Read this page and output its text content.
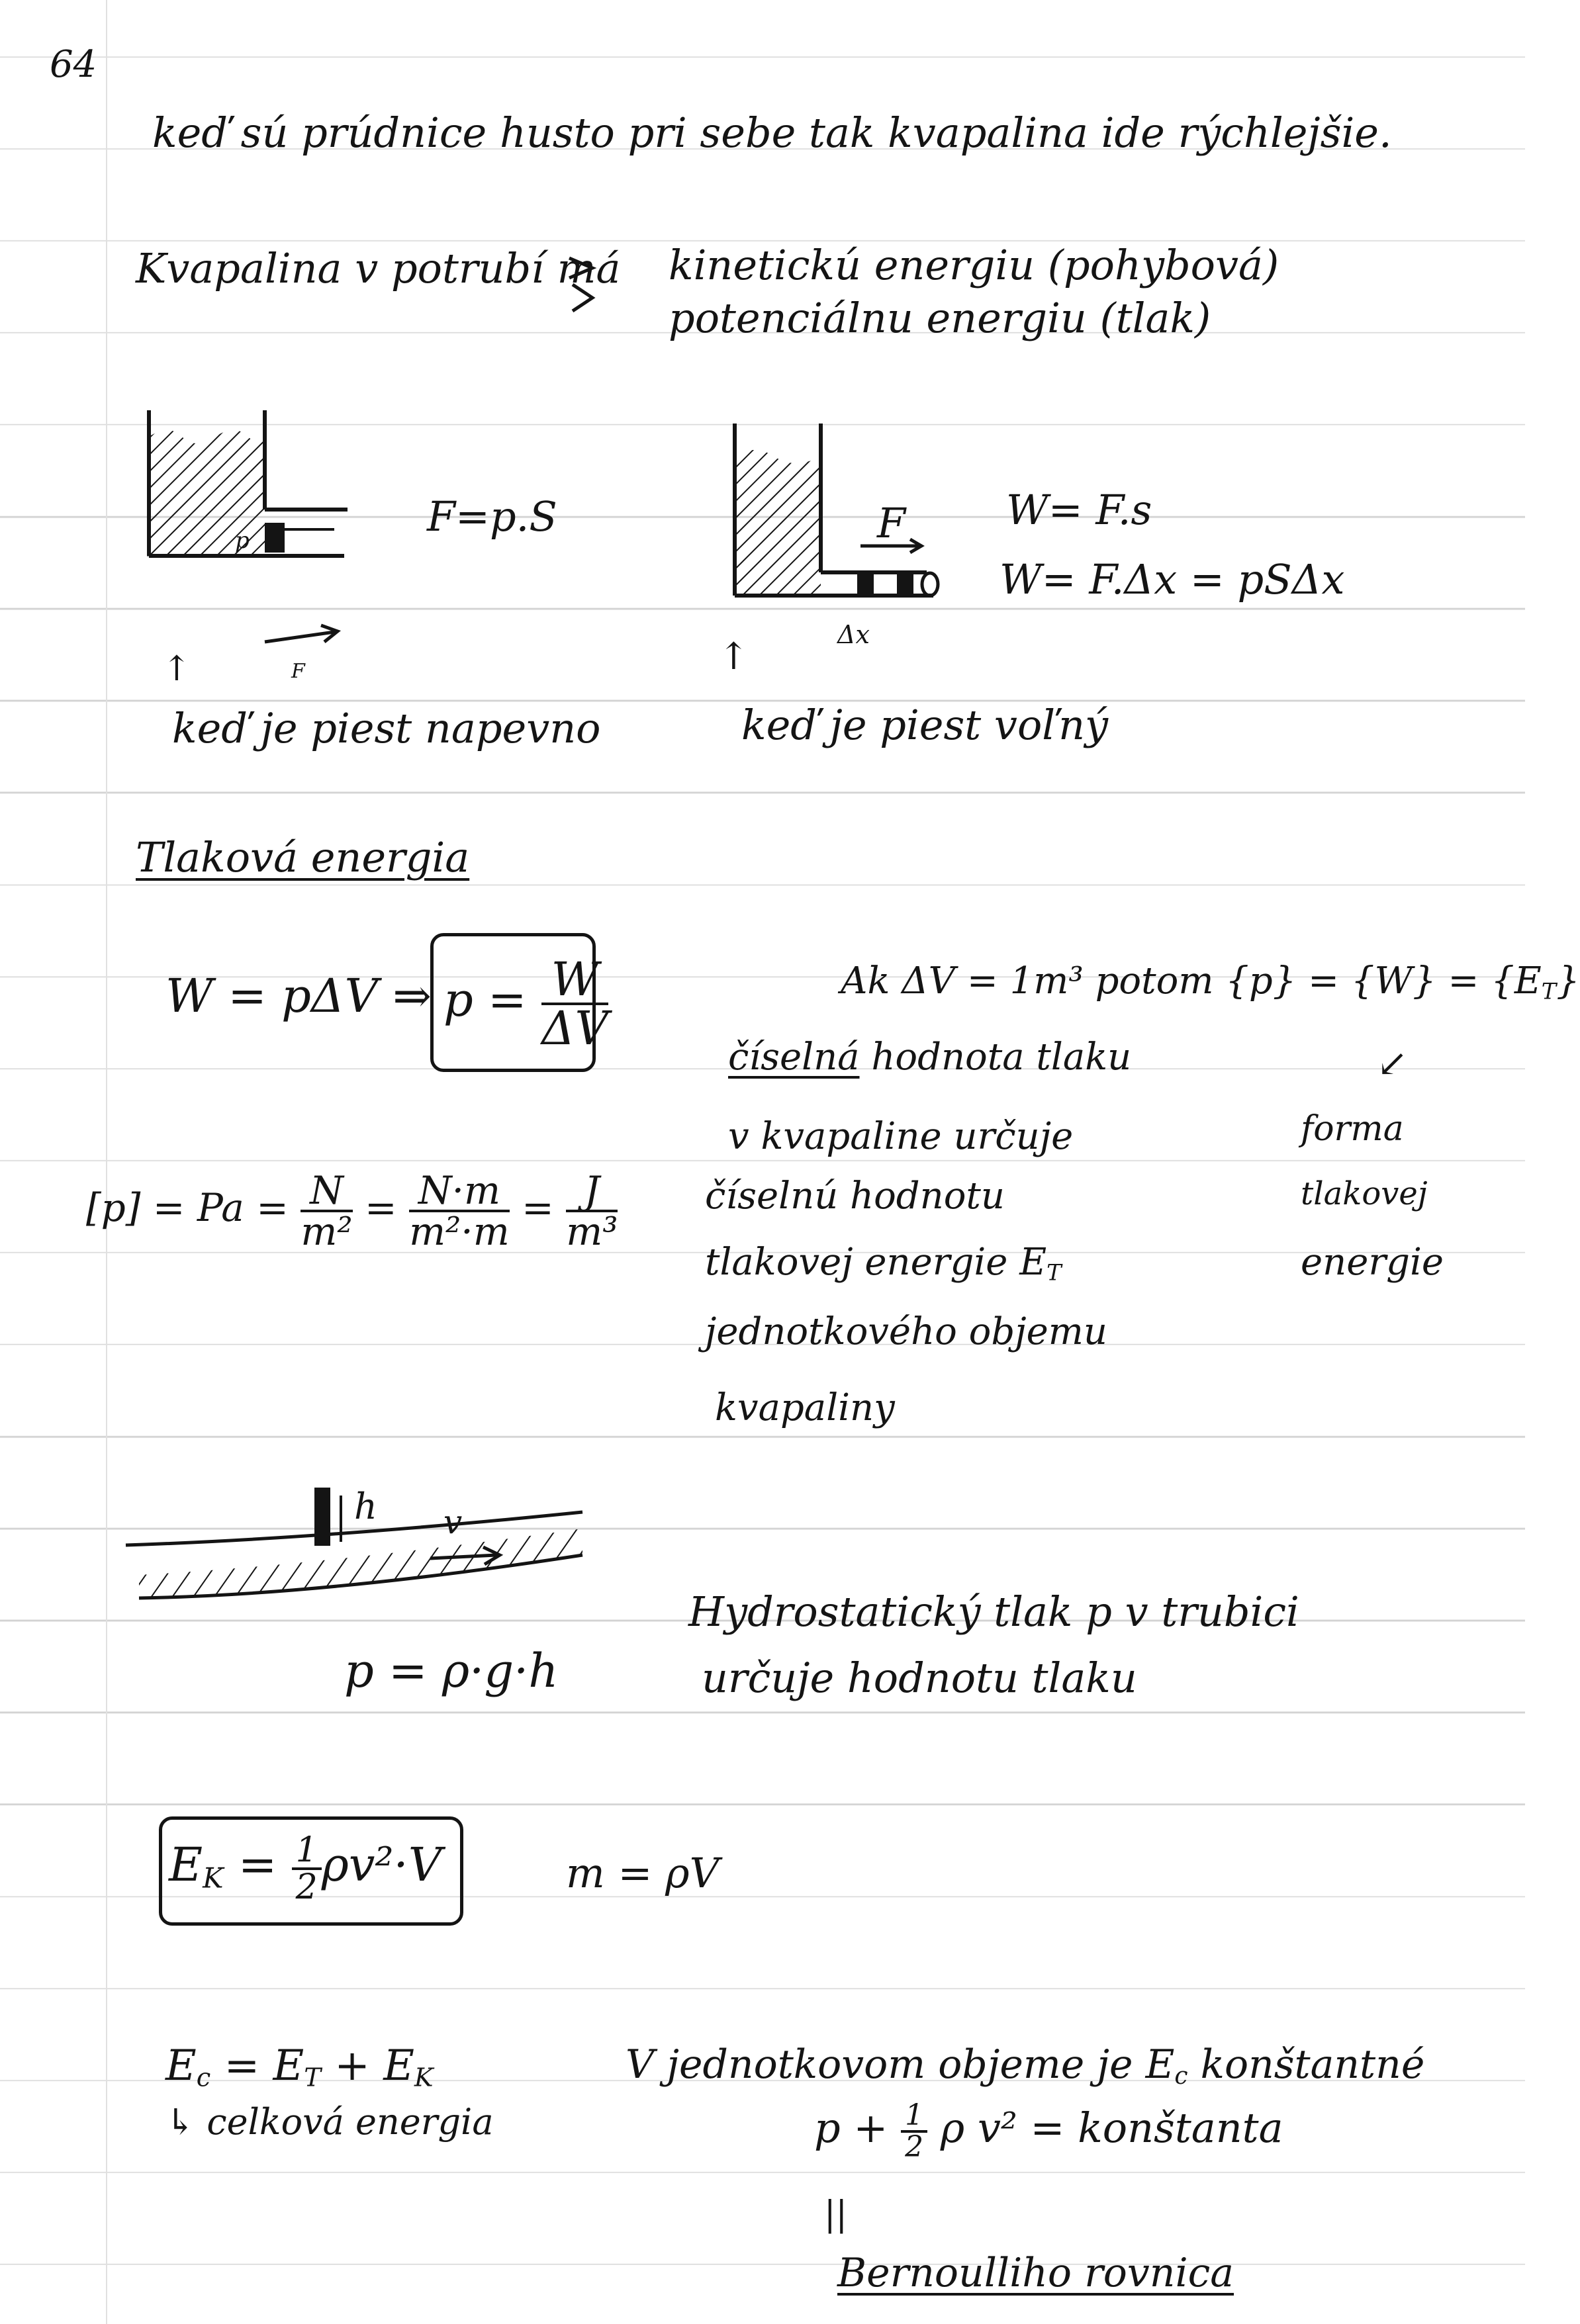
64
keď sú prúdnice husto pri sebe tak kvapalina ide rýchlejšie.
Kvapalina v potrubí má kinetickú energiu (pohybová)
potenciálnu energiu (tlak)
p
F
↑
F=p.S
keď je piest napevno
F
Δx
W= F.s
W= F.Δx = pSΔx
↑
keď je piest voľný
Tlaková energia
W = pΔV ⇒ $p = \frac{W}{\Delta V}$	Ak ΔV = 1m³ potom $\{p\} = \{W\} = \{E_T\}$
číselná hodnota tlaku
v kvapaline určuje
číselnú hodnotu
tlakovej energie $E_T$
jednotkového objemu
kvapaliny
↙
forma
tlakovej
energie
$[p] = Pa = \frac{N}{\text{m²}} = \frac{N\cdot m}{\text{m²·m}} = \frac{J}{\text{m³}}$
h v
p = ρ·g·h
Hydrostatický tlak p v trubici
určuje hodnotu tlaku
$E_K = \frac{1}{2} \rho v^2\cdot V$	m = ρV
$E_c = E_T + E_K$
↳ celková energia
V jednotkovom objeme je $E_c$ konštantné
$p + \frac{1}{2}$ ρ v² = konštanta
||
Bernoulliho rovnica
